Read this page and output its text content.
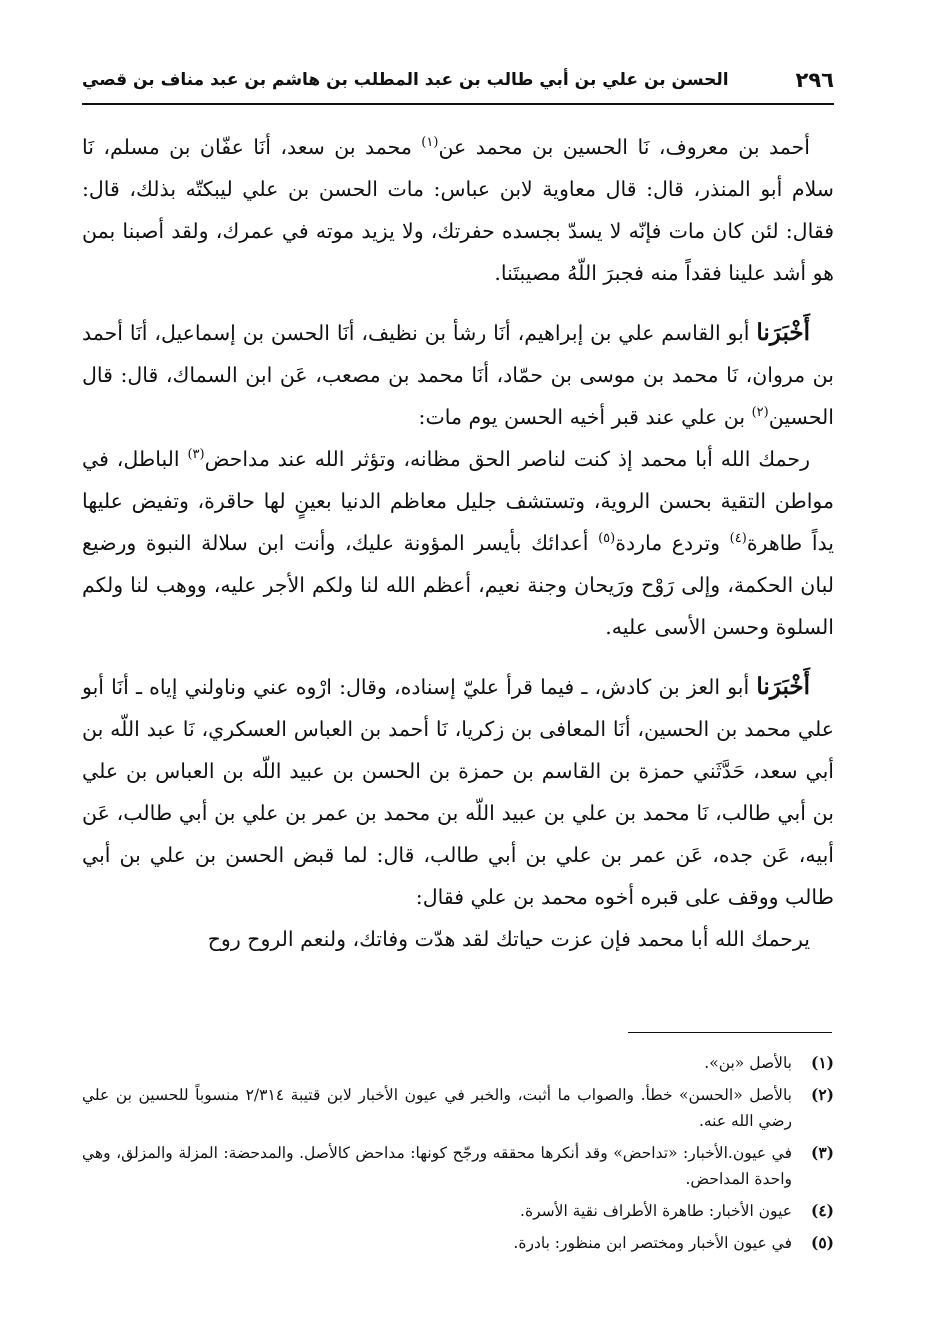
٢٩٦
الحسن بن علي بن أبي طالب بن عبد المطلب بن هاشم بن عبد مناف بن قصي

أحمد بن معروف، نَا الحسين بن محمد عن$^{(١)}$ محمد بن سعد، أنَا عفّان بن مسلم، نَا سلام أبو المنذر، قال: قال معاوية لابن عباس: مات الحسن بن علي ليبكتّه بذلك، قال: فقال: لئن كان مات فإنّه لا يسدّ بجسده حفرتك، ولا يزيد موته في عمرك، ولقد أصبنا بمن هو أشد علينا فقداً منه فجبرَ اللّهُ مصيبتَنا.

أَخْبَرَنا أبو القاسم علي بن إبراهيم، أنَا رشأ بن نظيف، أنَا الحسن بن إسماعيل، أنَا أحمد بن مروان، نَا محمد بن موسى بن حمّاد، أنَا محمد بن مصعب، عَن ابن السماك، قال: قال الحسين$^{(٢)}$ بن علي عند قبر أخيه الحسن يوم مات:

رحمك الله أبا محمد إذ كنت لناصر الحق مظانه، وتؤثر الله عند مداحض$^{(٣)}$ الباطل، في مواطن التقية بحسن الروية، وتستشف جليل معاظم الدنيا بعينٍ لها حاقرة، وتفيض عليها يداً طاهرة$^{(٤)}$ وتردع ماردة$^{(٥)}$ أعدائك بأيسر المؤونة عليك، وأنت ابن سلالة النبوة ورضيع لبان الحكمة، وإلى رَوْح ورَيحان وجنة نعيم، أعظم الله لنا ولكم الأجر عليه، ووهب لنا ولكم السلوة وحسن الأسى عليه.

أَخْبَرَنا أبو العز بن كادش، ـ فيما قرأ عليّ إسناده، وقال: ارْوه عني وناولني إياه ـ أنَا أبو علي محمد بن الحسين، أنَا المعافى بن زكريا، نَا أحمد بن العباس العسكري، نَا عبد اللّه بن أبي سعد، حَدَّثَني حمزة بن القاسم بن حمزة بن الحسن بن عبيد اللّه بن العباس بن علي بن أبي طالب، نَا محمد بن علي بن عبيد اللّه بن محمد بن عمر بن علي بن أبي طالب، عَن أبيه، عَن جده، عَن عمر بن علي بن أبي طالب، قال: لما قبض الحسن بن علي بن أبي طالب ووقف على قبره أخوه محمد بن علي فقال:

يرحمك الله أبا محمد فإن عزت حياتك لقد هدّت وفاتك، ولنعم الروح روح

(١)
بالأصل «بن».
(٢)
بالأصل «الحسن» خطأ. والصواب ما أثبت، والخبر في عيون الأخبار لابن قتيبة ٢/٣١٤ منسوباً للحسين بن علي رضي الله عنه.
(٣)
في عيون.الأخبار: «تداحض» وقد أنكرها محققه ورجّح كونها: مداحض كالأصل. والمدحضة: المزلة والمزلق، وهي واحدة المداحض.
(٤)
عيون الأخبار: طاهرة الأطراف نقية الأسرة.
(٥)
في عيون الأخبار ومختصر ابن منظور: بادرة.
